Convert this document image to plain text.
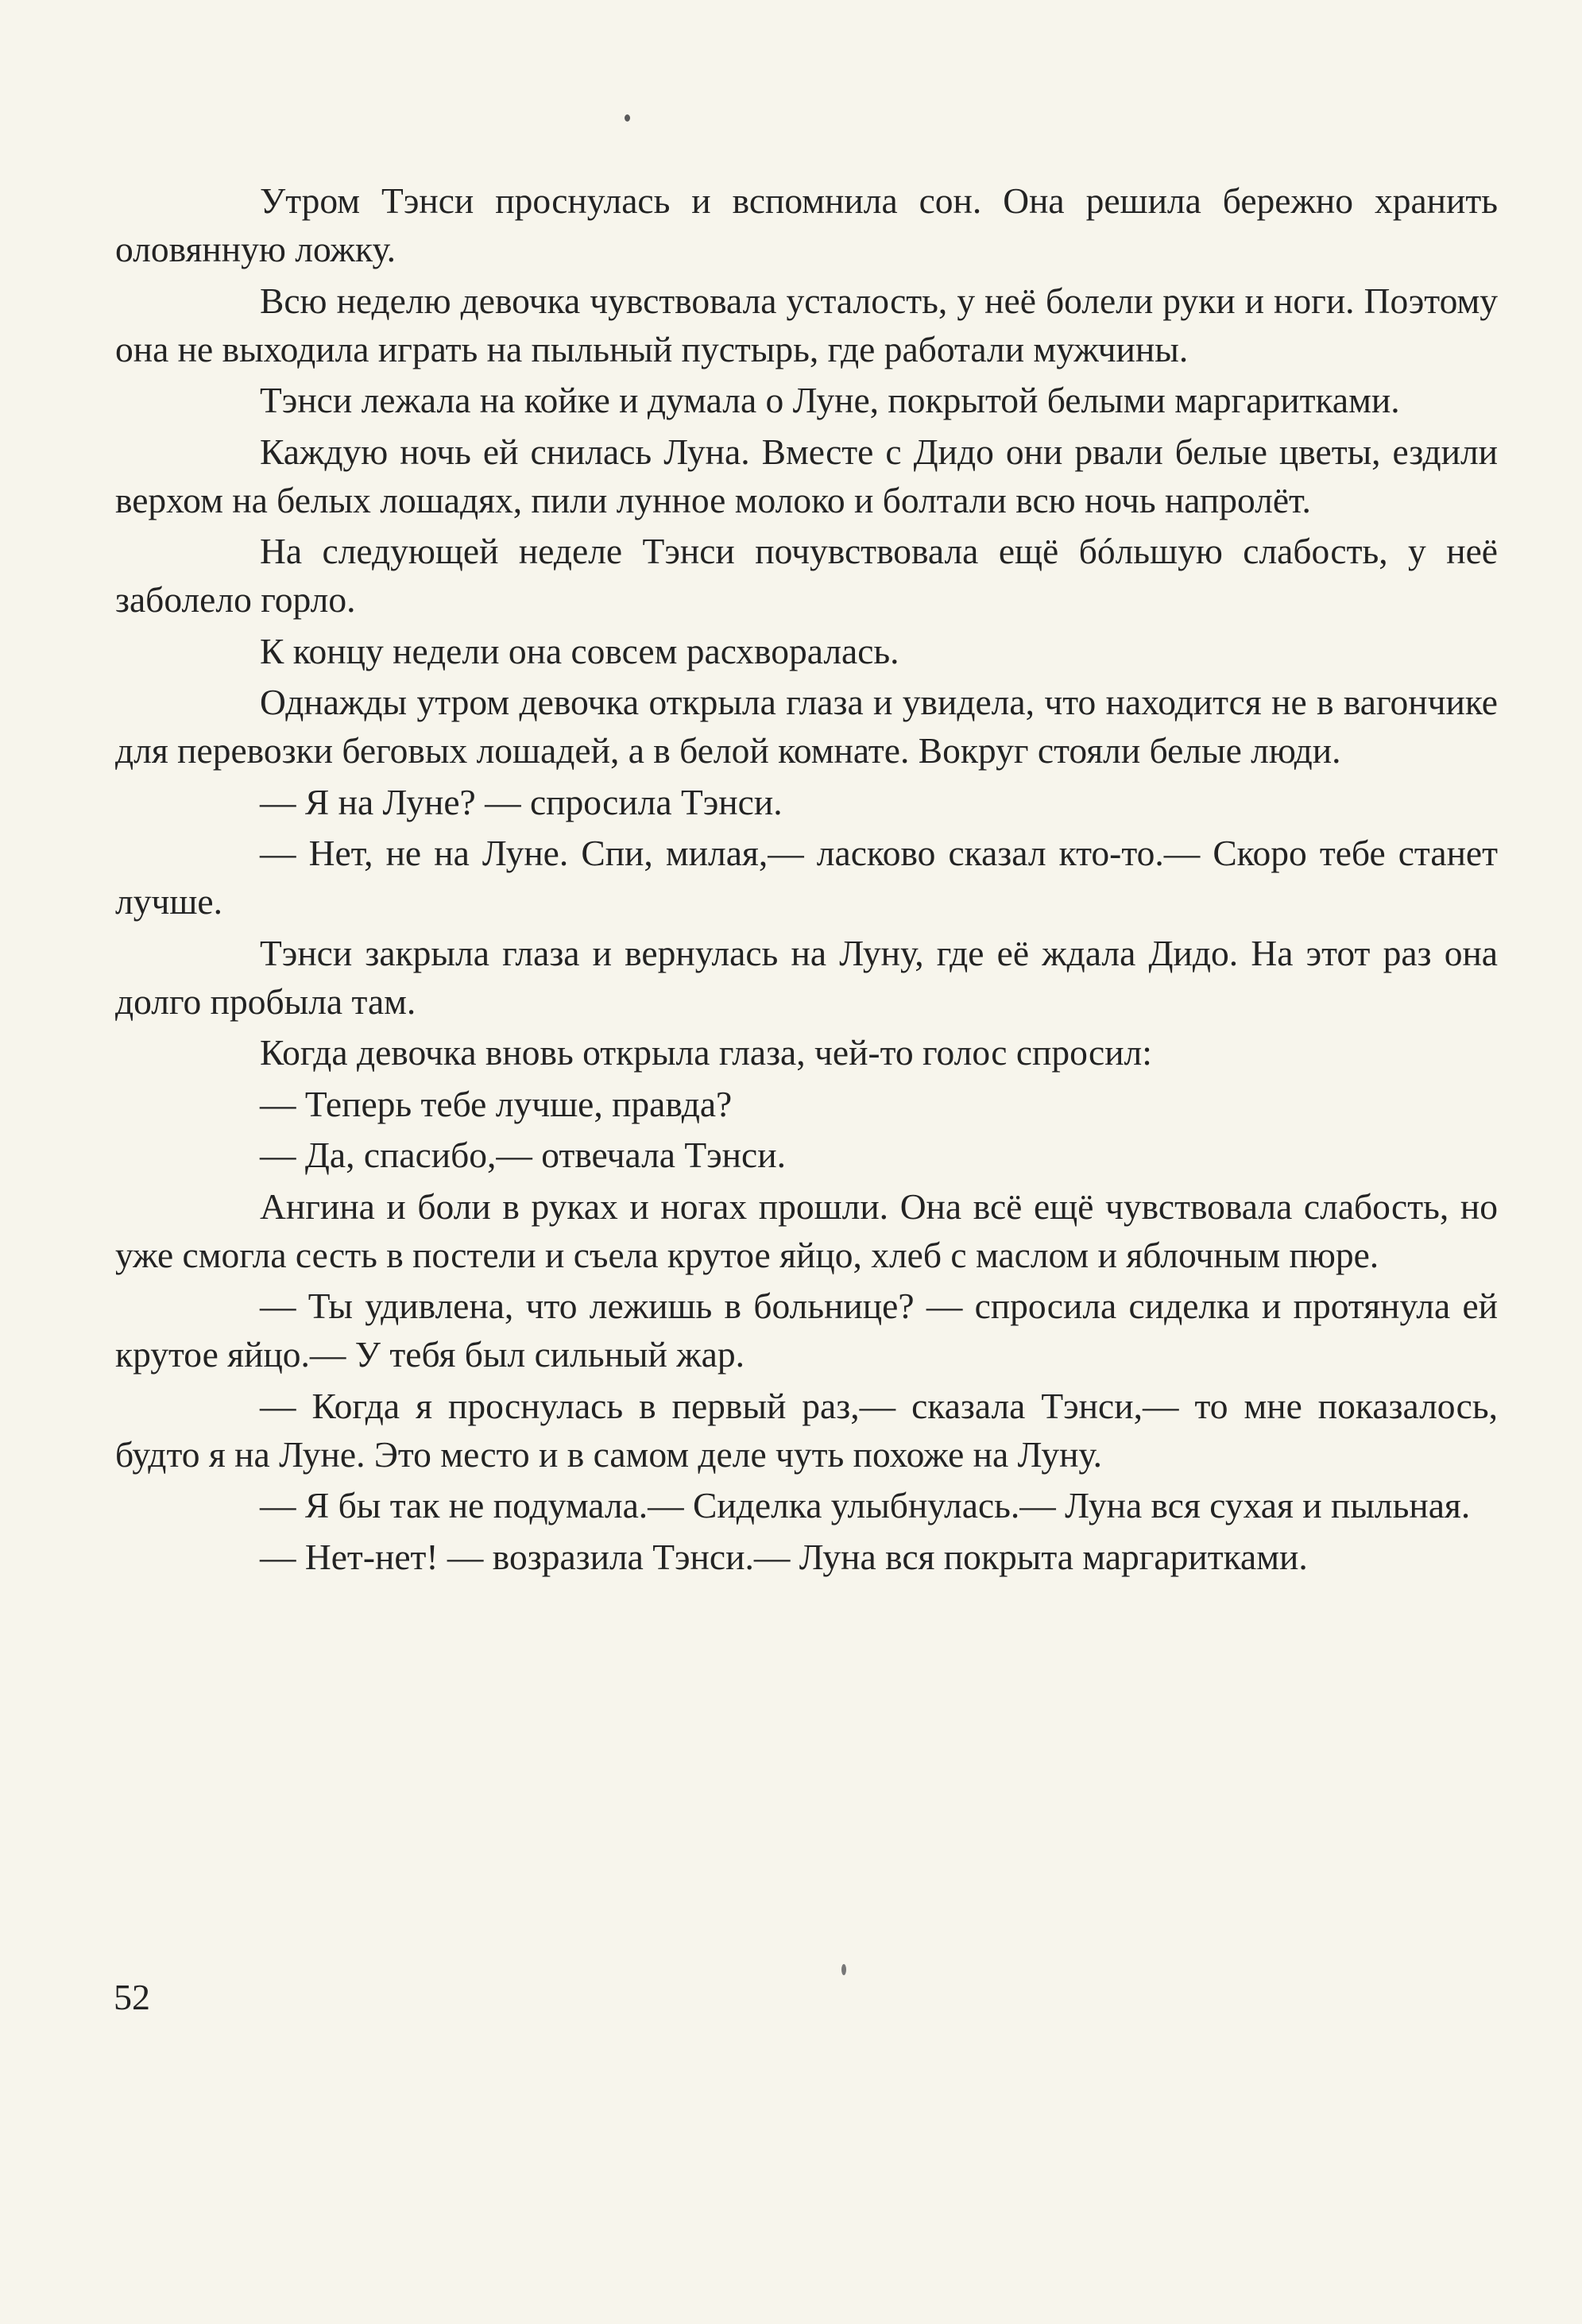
Утром Тэнси проснулась и вспомнила сон. Она решила бережно хранить оловянную ложку.

Всю неделю девочка чувствовала усталость, у неё болели руки и ноги. Поэтому она не выходила играть на пыльный пустырь, где работали мужчины.

Тэнси лежала на койке и думала о Луне, покрытой белыми маргаритками.

Каждую ночь ей снилась Луна. Вместе с Дидо они рвали белые цветы, ездили верхом на белых лошадях, пили лунное молоко и болтали всю ночь напролёт.

На следующей неделе Тэнси почувствовала ещё бóльшую слабость, у неё заболело горло.

К концу недели она совсем расхворалась.

Однажды утром девочка открыла глаза и увидела, что находится не в вагончике для перевозки беговых лошадей, а в белой комнате. Вокруг стояли белые люди.

— Я на Луне? — спросила Тэнси.

— Нет, не на Луне. Спи, милая,— ласково сказал кто-то.— Скоро тебе станет лучше.

Тэнси закрыла глаза и вернулась на Луну, где её ждала Дидо. На этот раз она долго пробыла там.

Когда девочка вновь открыла глаза, чей-то голос спросил:

— Теперь тебе лучше, правда?

— Да, спасибо,— отвечала Тэнси.

Ангина и боли в руках и ногах прошли. Она всё ещё чувствовала слабость, но уже смогла сесть в постели и съела крутое яйцо, хлеб с маслом и яблочным пюре.

— Ты удивлена, что лежишь в больнице? — спросила сиделка и протянула ей крутое яйцо.— У тебя был сильный жар.

— Когда я проснулась в первый раз,— сказала Тэнси,— то мне показалось, будто я на Луне. Это место и в самом деле чуть похоже на Луну.

— Я бы так не подумала.— Сиделка улыбнулась.— Луна вся сухая и пыльная.

— Нет-нет! — возразила Тэнси.— Луна вся покрыта маргаритками.

52
